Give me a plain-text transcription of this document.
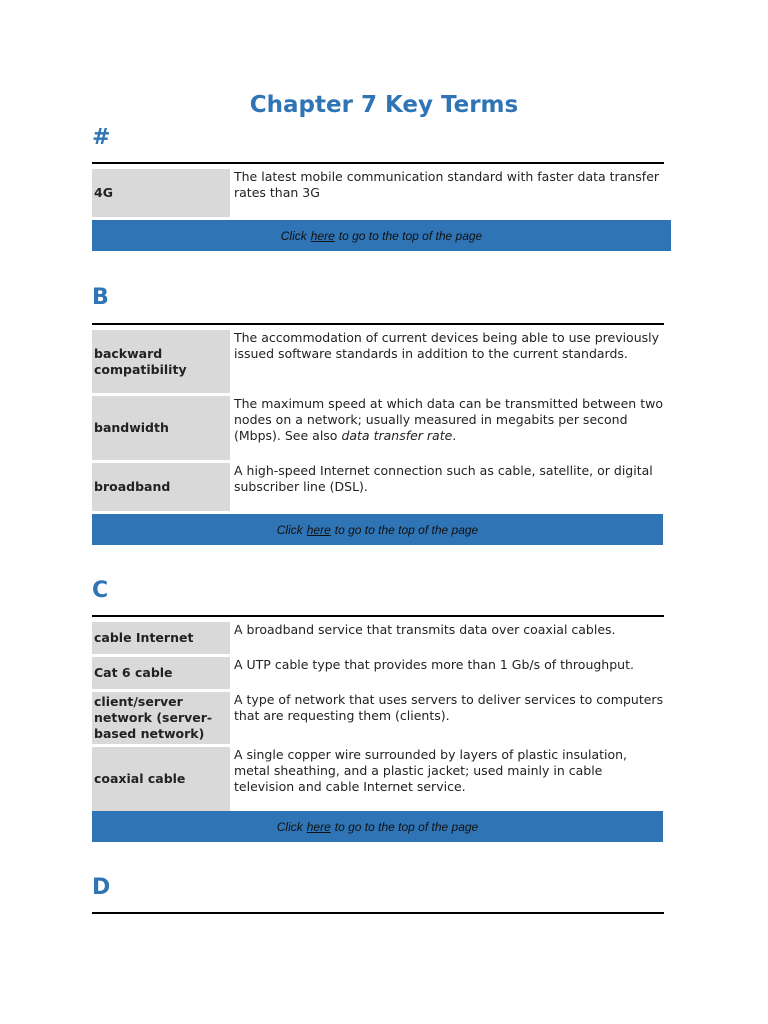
Chapter 7 Key Terms
#
4G	The latest mobile communication standard with faster data transfer rates than 3G
Click here to go to the top of the page
B
backward compatibility	The accommodation of current devices being able to use previously issued software standards in addition to the current standards.
bandwidth	The maximum speed at which data can be transmitted between two nodes on a network; usually measured in megabits per second (Mbps). See also data transfer rate.
broadband	A high-speed Internet connection such as cable, satellite, or digital subscriber line (DSL).
Click here to go to the top of the page
C
cable Internet	A broadband service that transmits data over coaxial cables.
Cat 6 cable	A UTP cable type that provides more than 1 Gb/s of throughput.
client/server network (server-based network)	A type of network that uses servers to deliver services to computers that are requesting them (clients).
coaxial cable	A single copper wire surrounded by layers of plastic insulation, metal sheathing, and a plastic jacket; used mainly in cable television and cable Internet service.
Click here to go to the top of the page
D
